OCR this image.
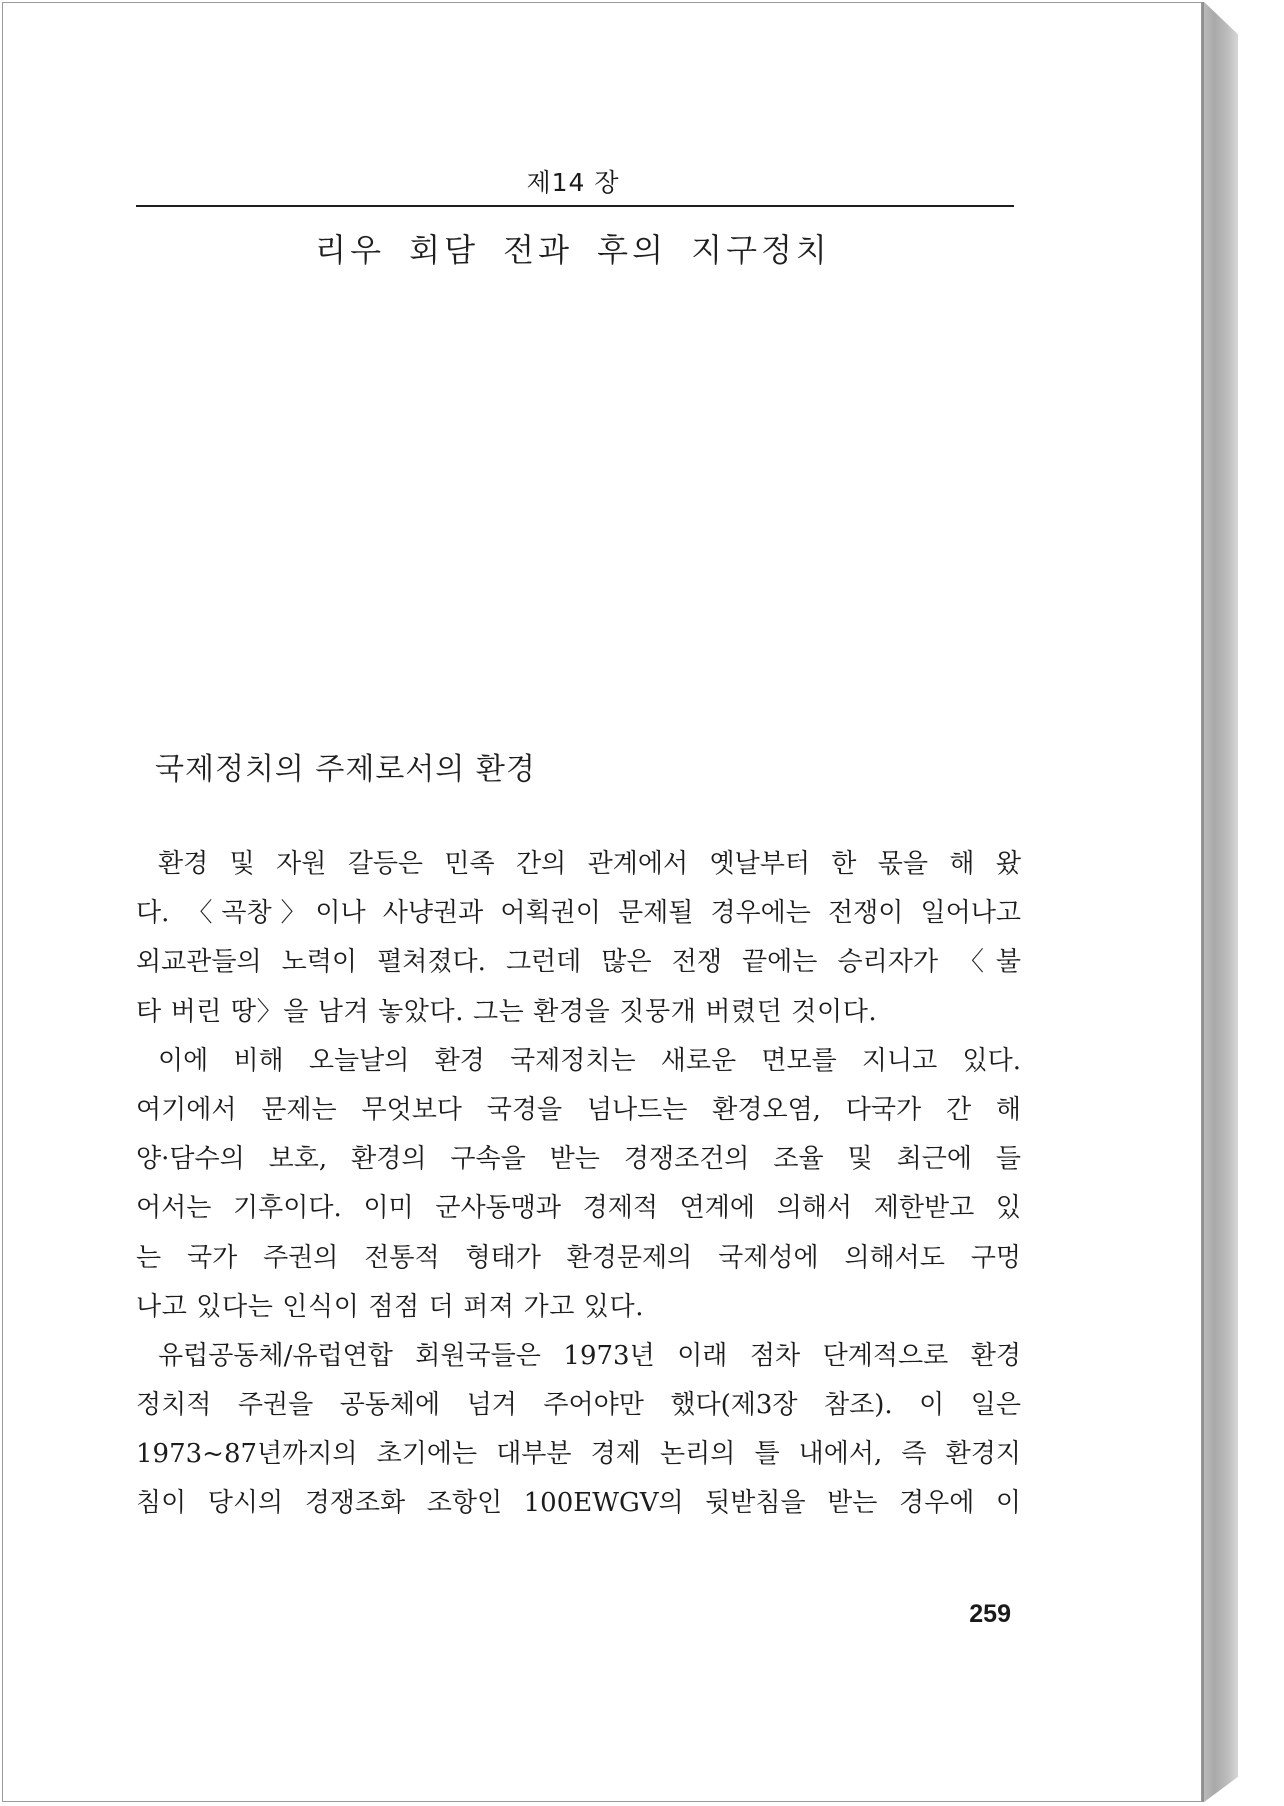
제14 장
리우 회담 전과 후의 지구정치
국제정치의 주제로서의 환경
환경 및 자원 갈등은 민족 간의 관계에서 옛날부터 한 몫을 해 왔
다. 〈곡창〉이나 사냥권과 어획권이 문제될 경우에는 전쟁이 일어나고
외교관들의 노력이 펼쳐졌다. 그런데 많은 전쟁 끝에는 승리자가 〈불
타 버린 땅〉을 남겨 놓았다. 그는 환경을 짓뭉개 버렸던 것이다.
이에 비해 오늘날의 환경 국제정치는 새로운 면모를 지니고 있다.
여기에서 문제는 무엇보다 국경을 넘나드는 환경오염, 다국가 간 해
양·담수의 보호, 환경의 구속을 받는 경쟁조건의 조율 및 최근에 들
어서는 기후이다. 이미 군사동맹과 경제적 연계에 의해서 제한받고 있
는 국가 주권의 전통적 형태가 환경문제의 국제성에 의해서도 구멍
나고 있다는 인식이 점점 더 퍼져 가고 있다.
유럽공동체/유럽연합 회원국들은 1973년 이래 점차 단계적으로 환경
정치적 주권을 공동체에 넘겨 주어야만 했다(제3장 참조). 이 일은
1973~87년까지의 초기에는 대부분 경제 논리의 틀 내에서, 즉 환경지
침이 당시의 경쟁조화 조항인 100EWGV의 뒷받침을 받는 경우에 이
259
